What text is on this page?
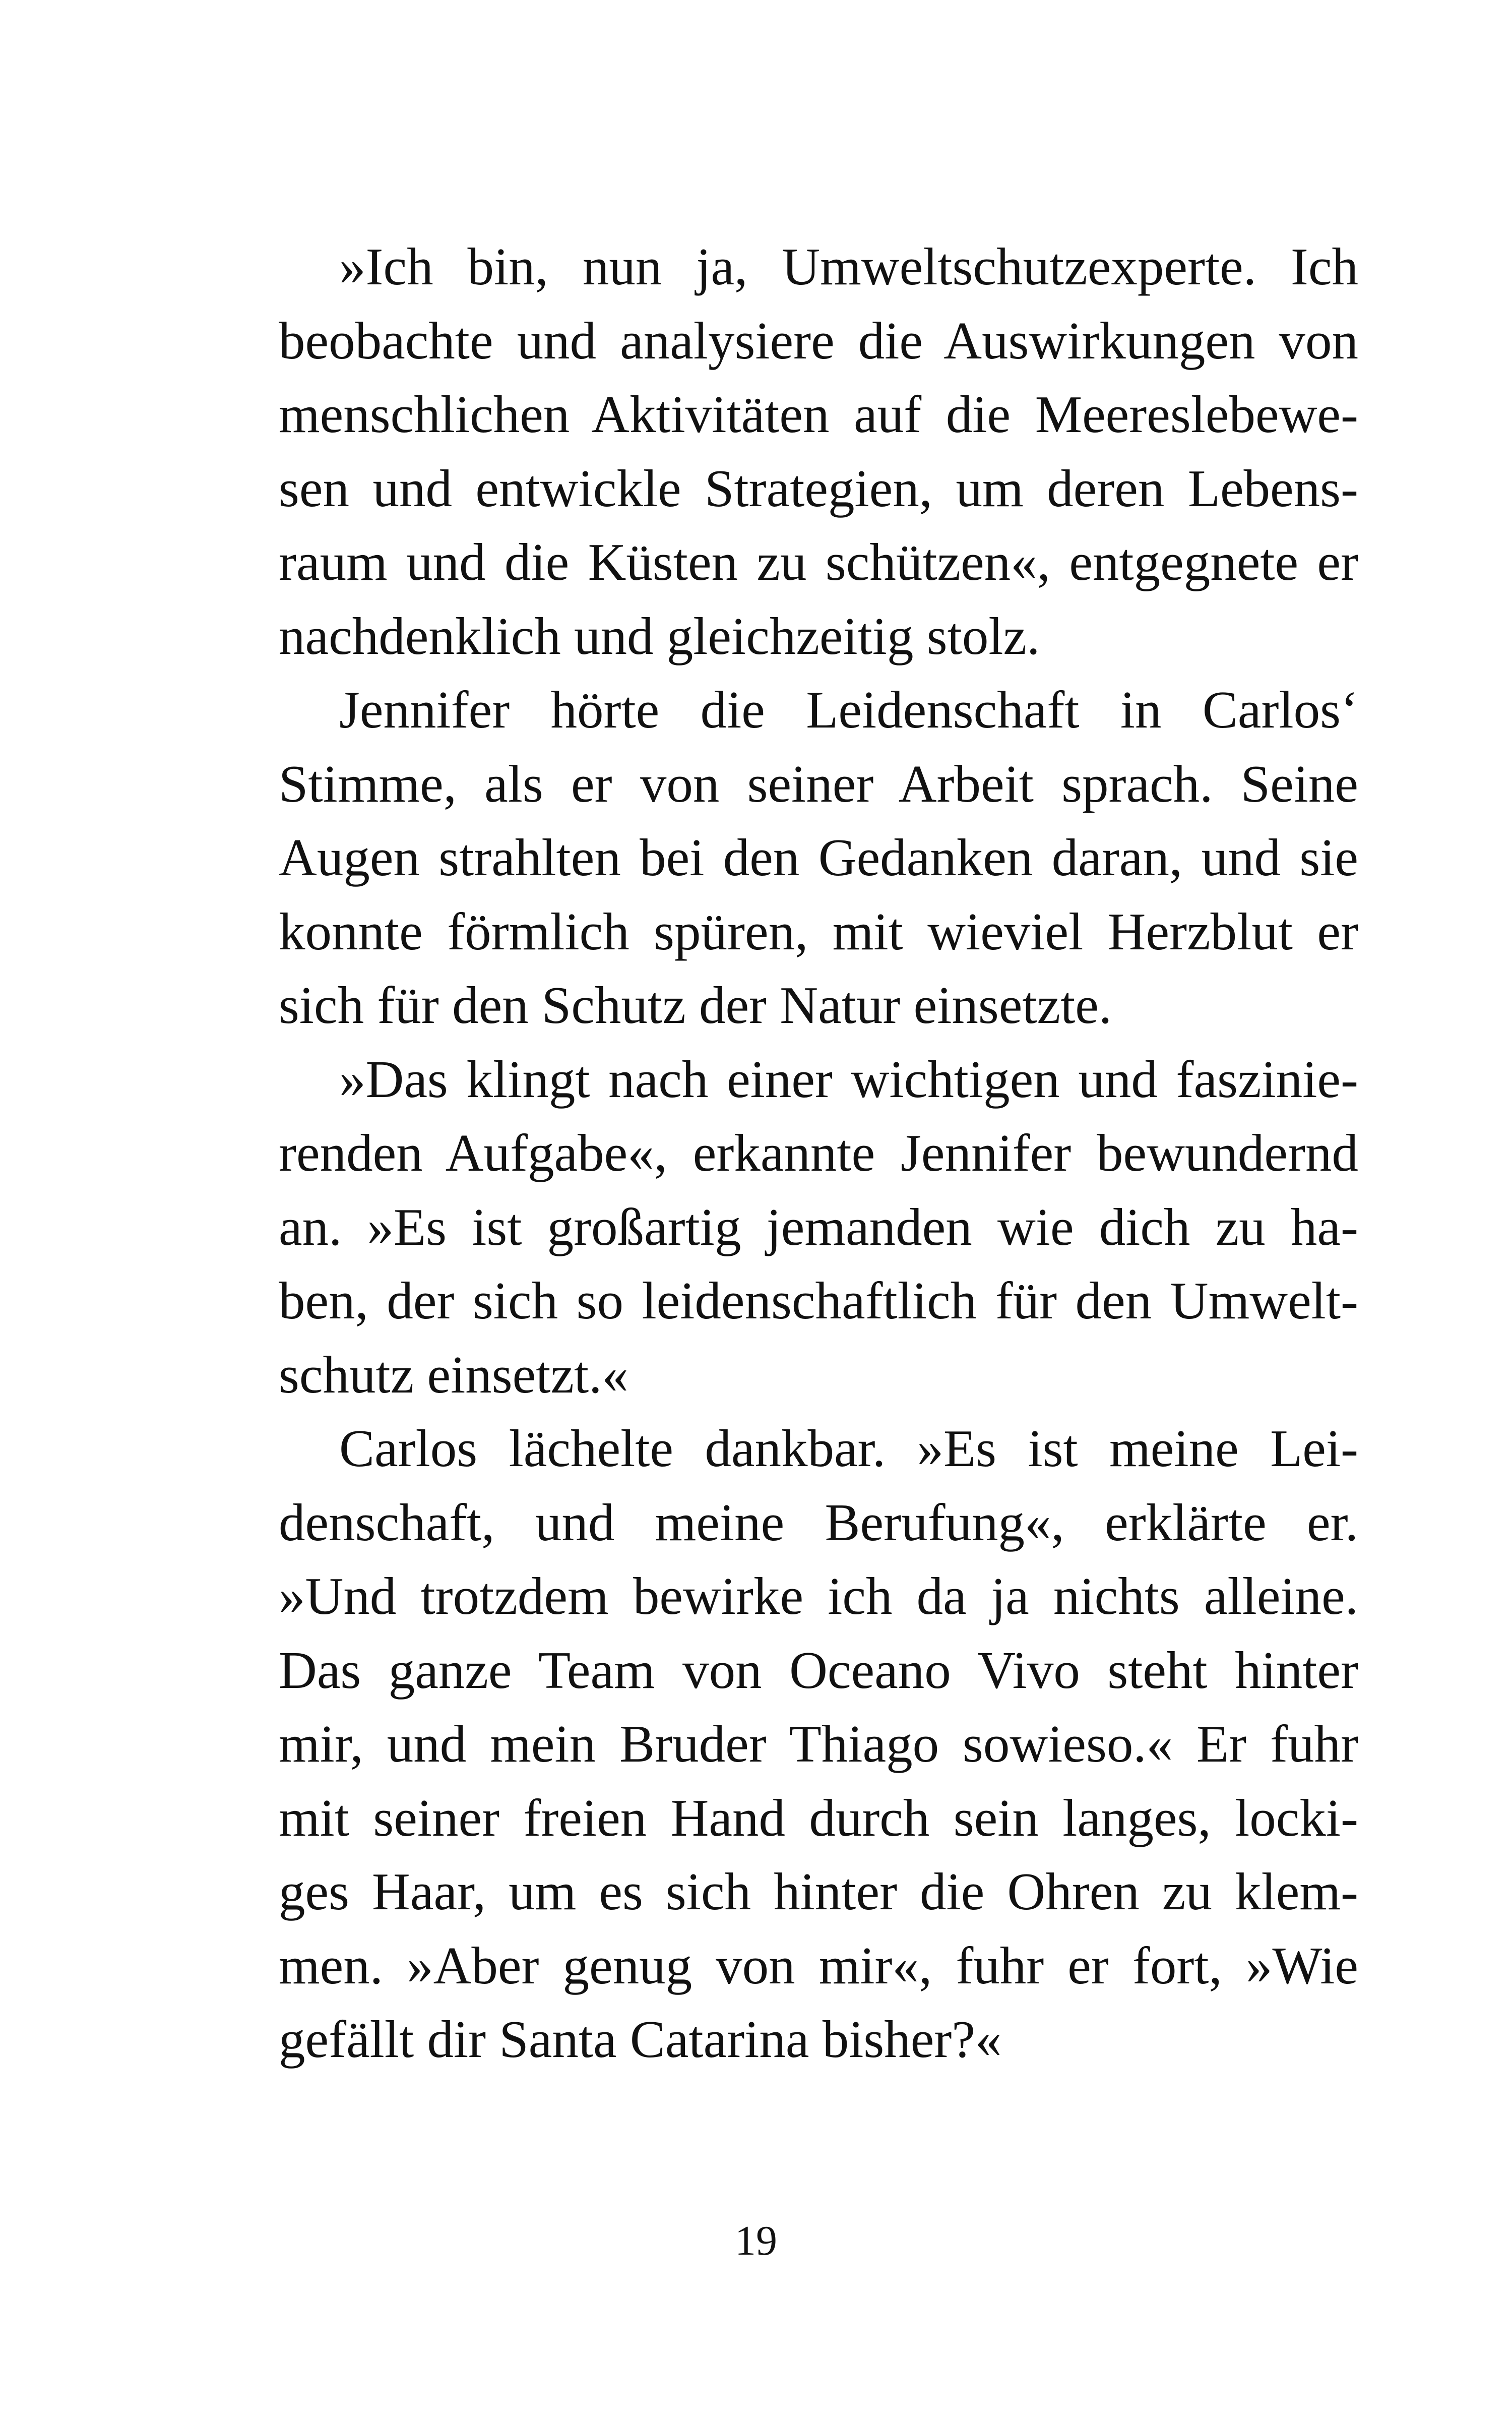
»Ich bin, nun ja, Umweltschutzexperte. Ich
beobachte und analysiere die Auswirkungen von
menschlichen Aktivitäten auf die Meereslebewe-
sen und entwickle Strategien, um deren Lebens-
raum und die Küsten zu schützen«, entgegnete er
nachdenklich und gleichzeitig stolz.
Jennifer hörte die Leidenschaft in Carlos‘
Stimme, als er von seiner Arbeit sprach. Seine
Augen strahlten bei den Gedanken daran, und sie
konnte förmlich spüren, mit wieviel Herzblut er
sich für den Schutz der Natur einsetzte.
»Das klingt nach einer wichtigen und faszinie-
renden Aufgabe«, erkannte Jennifer bewundernd
an. »Es ist großartig jemanden wie dich zu ha-
ben, der sich so leidenschaftlich für den Umwelt-
schutz einsetzt.«
Carlos lächelte dankbar. »Es ist meine Lei-
denschaft, und meine Berufung«, erklärte er.
»Und trotzdem bewirke ich da ja nichts alleine.
Das ganze Team von Oceano Vivo steht hinter
mir, und mein Bruder Thiago sowieso.« Er fuhr
mit seiner freien Hand durch sein langes, locki-
ges Haar, um es sich hinter die Ohren zu klem-
men. »Aber genug von mir«, fuhr er fort, »Wie
gefällt dir Santa Catarina bisher?«
19
